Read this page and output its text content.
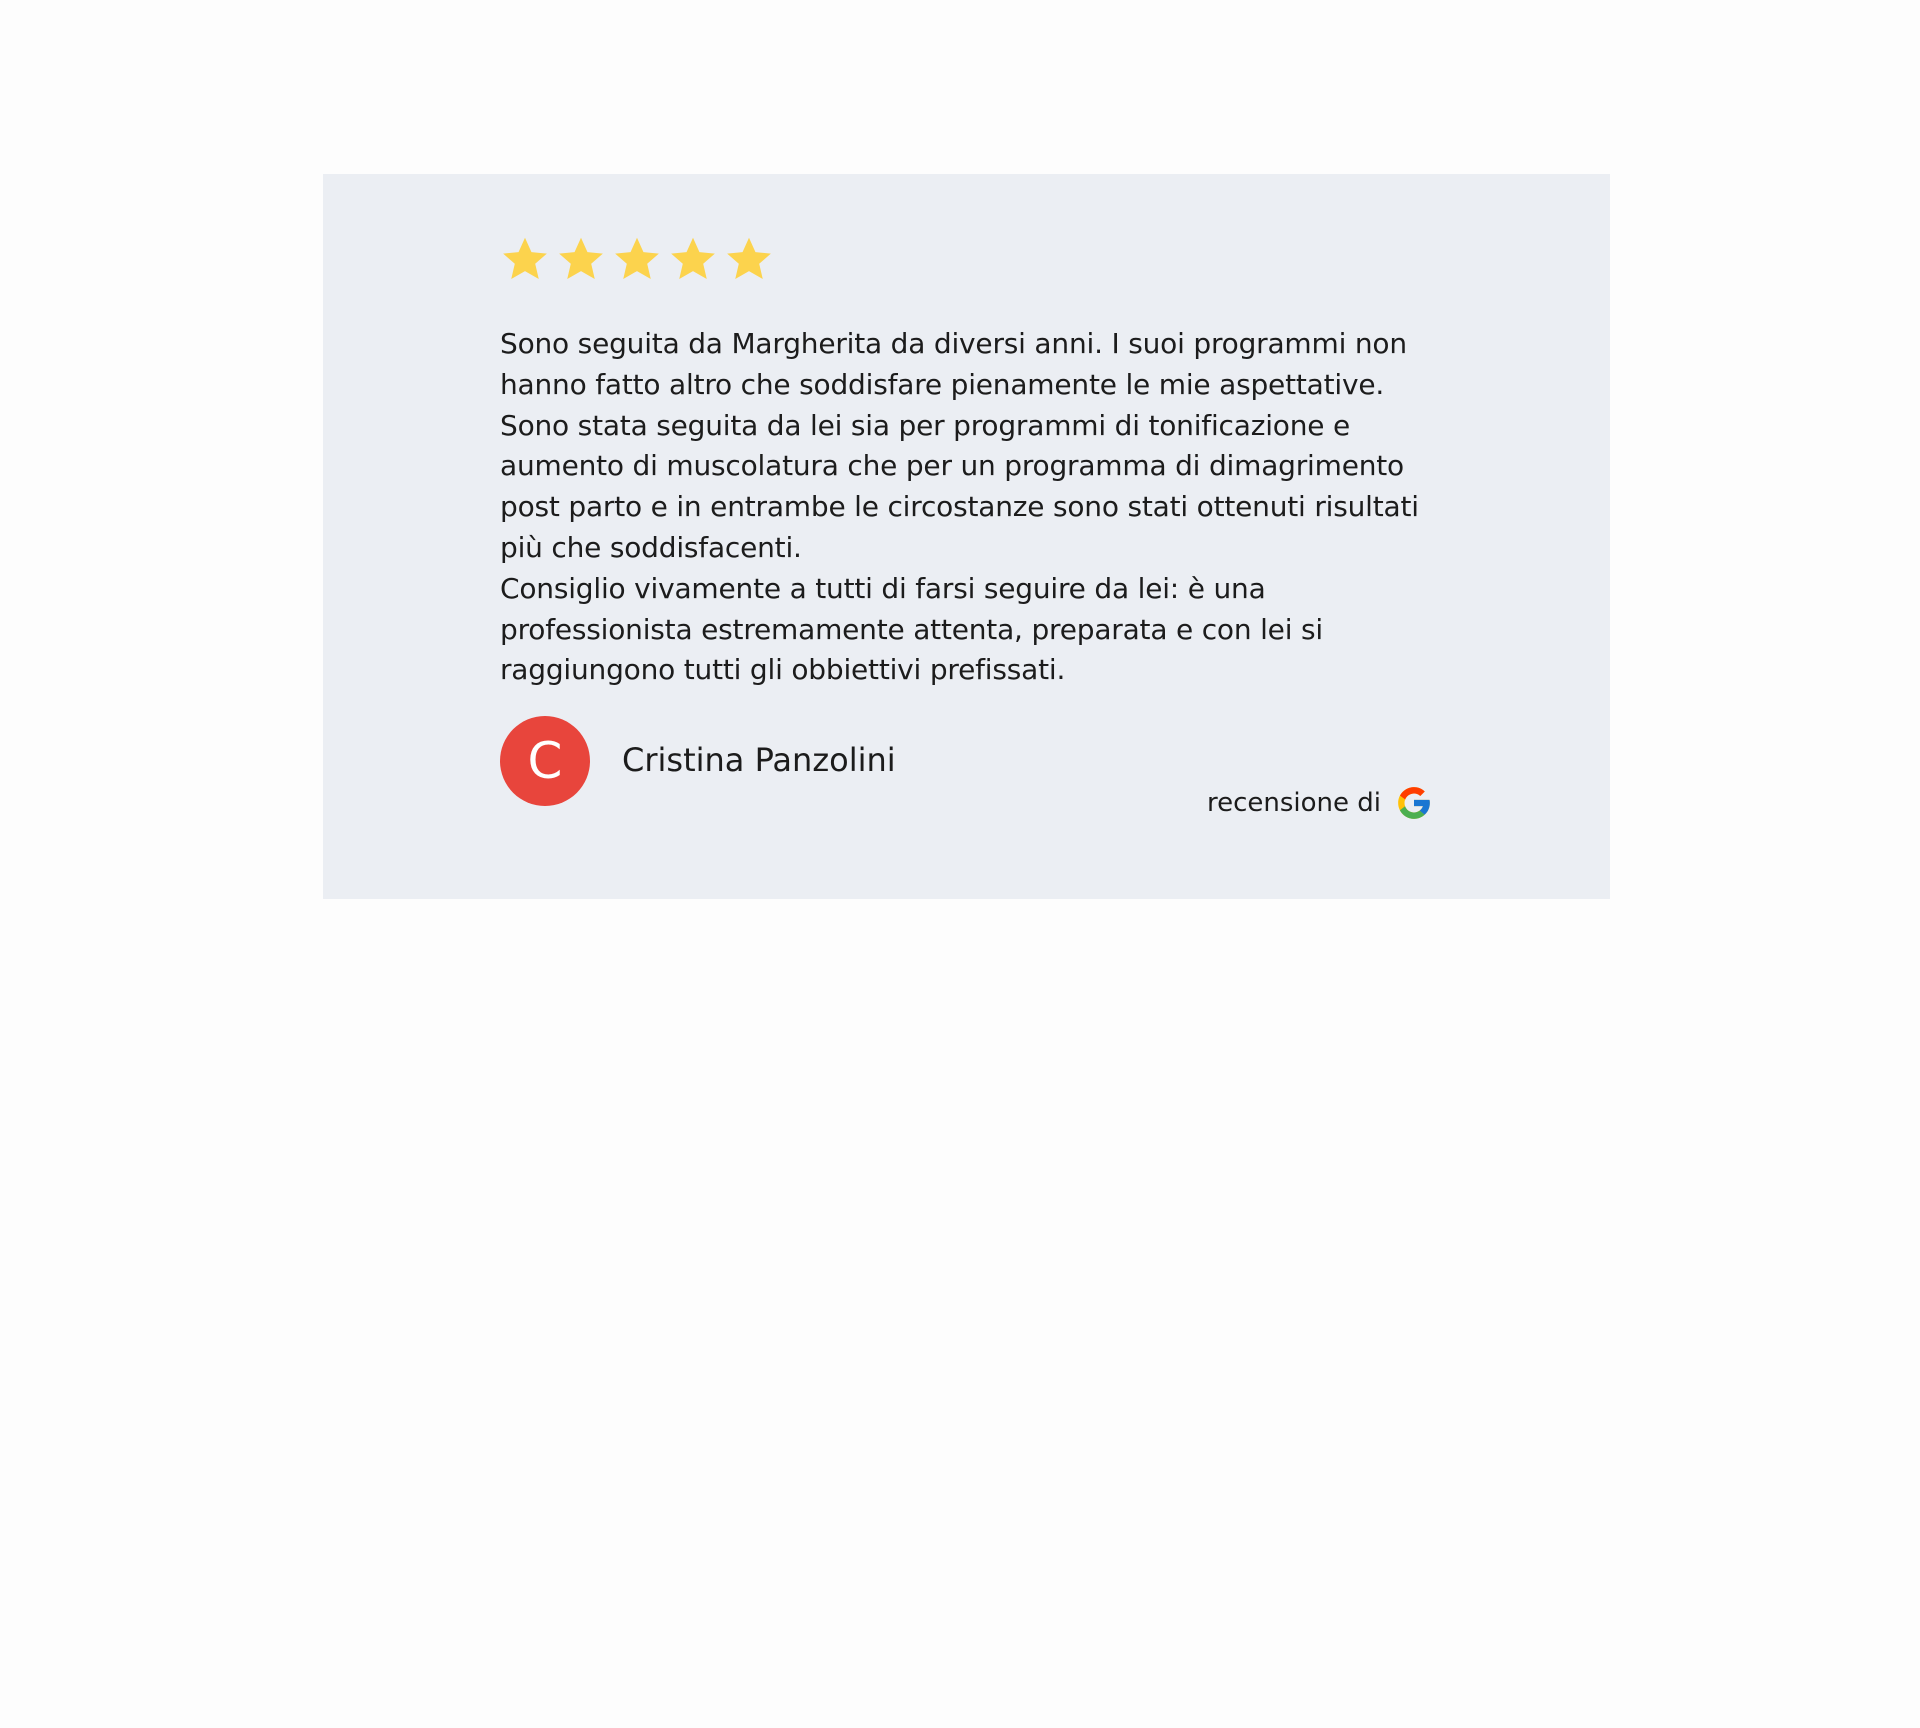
Sono seguita da Margherita da diversi anni. I suoi programmi non hanno fatto altro che soddisfare pienamente le mie aspettative.

Sono stata seguita da lei sia per programmi di tonificazione e aumento di muscolatura che per un programma di dimagrimento post parto e in entrambe le circostanze sono stati ottenuti risultati più che soddisfacenti.

Consiglio vivamente a tutti di farsi seguire da lei: è una professionista estremamente attenta, preparata e con lei si raggiungono tutti gli obbiettivi prefissati.

C Cristina Panzolini
recensione di
